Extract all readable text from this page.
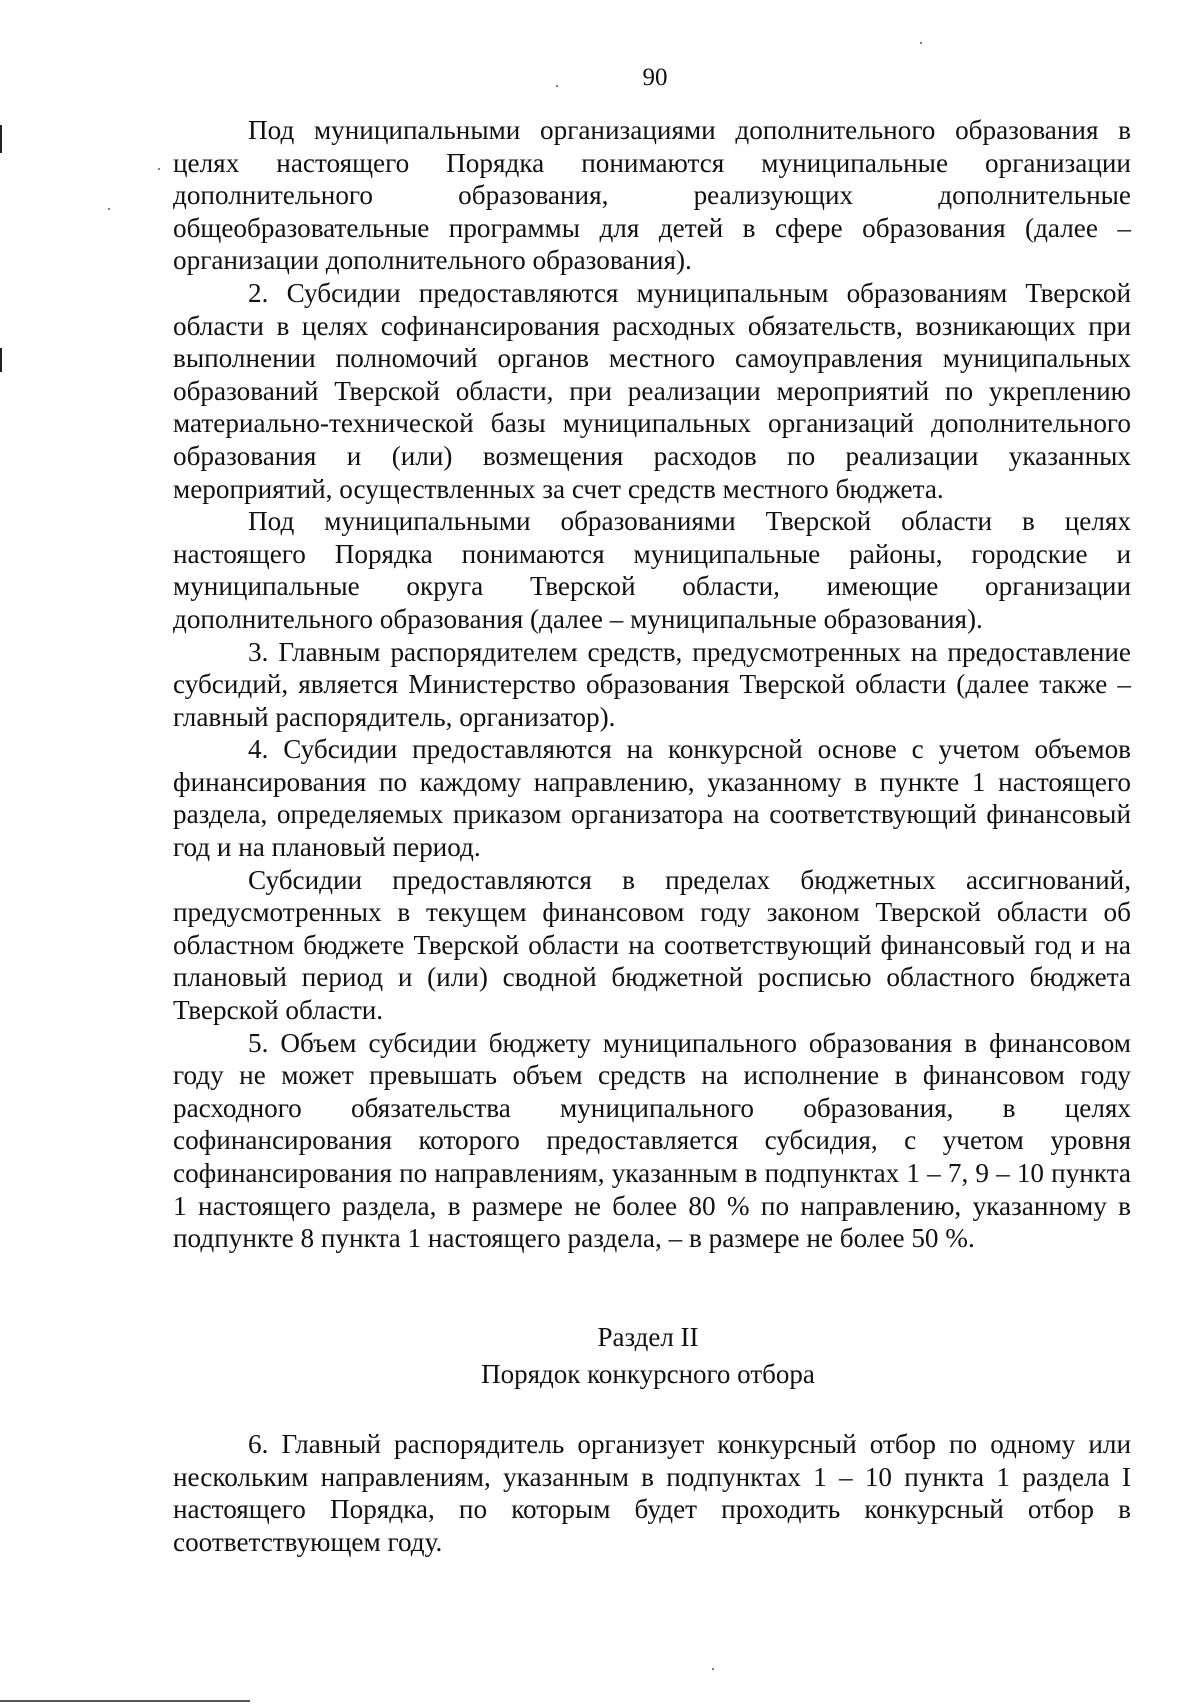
90

Под муниципальными организациями дополнительного образования в целях настоящего Порядка понимаются муниципальные организации дополнительного образования, реализующих дополнительные общеобразовательные программы для детей в сфере образования (далее – организации дополнительного образования).

2. Субсидии предоставляются муниципальным образованиям Тверской области в целях софинансирования расходных обязательств, возникающих при выполнении полномочий органов местного самоуправления муниципальных образований Тверской области, при реализации мероприятий по укреплению материально-технической базы муниципальных организаций дополнительного образования и (или) возмещения расходов по реализации указанных мероприятий, осуществленных за счет средств местного бюджета.

Под муниципальными образованиями Тверской области в целях настоящего Порядка понимаются муниципальные районы, городские и муниципальные округа Тверской области, имеющие организации дополнительного образования (далее – муниципальные образования).

3. Главным распорядителем средств, предусмотренных на предоставление субсидий, является Министерство образования Тверской области (далее также – главный распорядитель, организатор).

4. Субсидии предоставляются на конкурсной основе с учетом объемов финансирования по каждому направлению, указанному в пункте 1 настоящего раздела, определяемых приказом организатора на соответствующий финансовый год и на плановый период.

Субсидии предоставляются в пределах бюджетных ассигнований, предусмотренных в текущем финансовом году законом Тверской области об областном бюджете Тверской области на соответствующий финансовый год и на плановый период и (или) сводной бюджетной росписью областного бюджета Тверской области.

5. Объем субсидии бюджету муниципального образования в финансовом году не может превышать объем средств на исполнение в финансовом году расходного обязательства муниципального образования, в целях софинансирования которого предоставляется субсидия, с учетом уровня софинансирования по направлениям, указанным в подпунктах 1 – 7, 9 – 10 пункта 1 настоящего раздела, в размере не более 80 % по направлению, указанному в подпункте 8 пункта 1 настоящего раздела, – в размере не более 50 %.

Раздел II
Порядок конкурсного отбора

6. Главный распорядитель организует конкурсный отбор по одному или нескольким направлениям, указанным в подпунктах 1 – 10 пункта 1 раздела I настоящего Порядка, по которым будет проходить конкурсный отбор в соответствующем году.
